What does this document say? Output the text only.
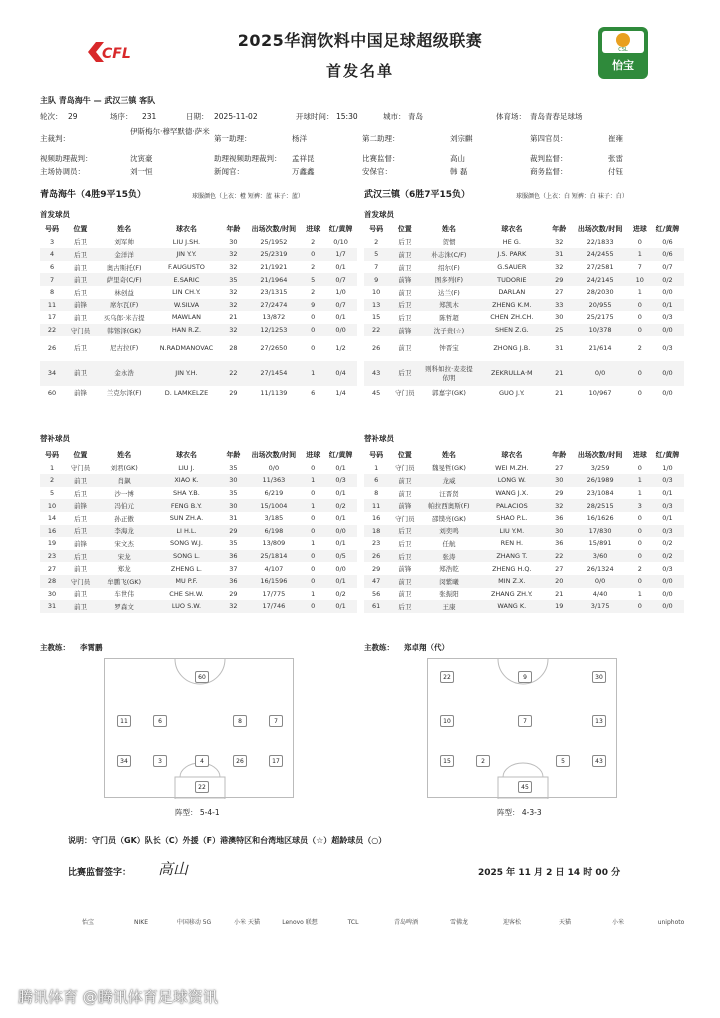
CFL
2025华润饮料中国足球超级联赛
首发名单
CSL
怡宝
主队 青岛海牛 — 武汉三镇 客队
轮次： 29	场序： 231	日期： 2025-11-02	开球时间： 15:30	城市： 青岛	体育场： 青岛青春足球场
主裁判：
伊斯梅尔·穆罕默德·萨米
第一助理：	杨洋	第二助理：	刘宗麒	第四官员：	崔雍
视频助理裁判：	沈寅豪	助理视频助理裁判： 孟祥昆	比赛监督：	高山	裁判监督：	张雷
主场协调员：	刘一恒	新闻官：	万鑫鑫	安保官：	韩 磊	商务监督：	付钰
青岛海牛（4胜9平15负）	球服颜色（上衣：橙 短裤：蓝 袜子：蓝）	武汉三镇（6胜7平15负）	球服颜色（上衣：白 短裤：白 袜子：白）
首发球员	首发球员
号码	位置	姓名	球衣名	年龄	出场次数/时间	进球	红/黄牌
3	后卫	刘军帅	LIU J.SH.	30	25/1952	2	0/10
4	后卫	金洋洋	JIN Y.Y.	32	25/2319	0	1/7
6	前卫	奥古斯托(F)	F.AUGUSTO	32	21/1921	2	0/1
7	前卫	萨里奇(C/F)	E.SARIC	35	21/1964	5	0/7
8	后卫	林创益	LIN CH.Y.	32	23/1315	2	1/0
11	前锋	席尔瓦(F)	W.SILVA	32	27/2474	9	0/7
17	前卫	买乌郎·米吉提	MAWLAN	21	13/872	0	0/1
22	守门员	韩镕泽(GK)	HAN R.Z.	32	12/1253	0	0/0
26	后卫	尼古拉(F)	N.RADMANOVAC	28	27/2650	0	1/2
34	前卫	金永浩	JIN Y.H.	22	27/1454	1	0/4
60	前锋	兰克尔泽(F)	D. LAMKELZE	29	11/1139	6	1/4
号码	位置	姓名	球衣名	年龄	出场次数/时间	进球	红/黄牌
2	后卫	贺惯	HE G.	32	22/1833	0	0/6
5	前卫	朴志洙(C/F)	J.S. PARK	31	24/2455	1	0/6
7	前卫	绍尔(F)	G.SAUER	32	27/2581	7	0/7
9	前锋	图多列(F)	TUDORIE	29	24/2145	10	0/2
10	前卫	达兰(F)	DARLAN	27	28/2030	1	0/0
13	后卫	郑凯木	ZHENG K.M.	33	20/955	0	0/1
15	后卫	陈哲超	CHEN ZH.CH.	30	25/2175	0	0/3
22	前锋	沈子贵(☆)	SHEN Z.G.	25	10/378	0	0/0
26	前卫	钟晋宝	ZHONG J.B.	31	21/614	2	0/3
43	后卫	则科如拉·麦麦提依明	ZEKRULLA·M	21	0/0	0	0/0
45	守门员	郭嘉宇(GK)	GUO J.Y.	21	10/967	0	0/0
替补球员	替补球员
号码	位置	姓名	球衣名	年龄	出场次数/时间	进球	红/黄牌
1	守门员	刘君(GK)	LIU J.	35	0/0	0	0/1
2	前卫	肖飙	XIAO K.	30	11/363	1	0/3
5	后卫	沙一博	SHA Y.B.	35	6/219	0	0/1
10	前锋	冯伯元	FENG B.Y.	30	15/1004	1	0/2
14	后卫	孙正傲	SUN ZH.A.	31	3/185	0	0/1
16	后卫	李海龙	LI H.L.	29	6/198	0	0/0
19	前锋	宋文杰	SONG W.J.	35	13/809	1	0/1
23	后卫	宋龙	SONG L.	36	25/1814	0	0/5
27	前卫	郑龙	ZHENG L.	37	4/107	0	0/0
28	守门员	牟鹏飞(GK)	MU P.F.	36	16/1596	0	0/1
30	前卫	车世伟	CHE SH.W.	29	17/775	1	0/2
31	前卫	罗森文	LUO S.W.	32	17/746	0	0/1
号码	位置	姓名	球衣名	年龄	出场次数/时间	进球	红/黄牌
1	守门员	魏旻哲(GK)	WEI M.ZH.	27	3/259	0	1/0
6	前卫	龙威	LONG W.	30	26/1989	1	0/3
8	前卫	汪晋贤	WANG J.X.	29	23/1084	1	0/1
11	前锋	帕拉西奥斯(F)	PALACIOS	32	28/2515	3	0/3
16	守门员	邵镤亮(GK)	SHAO P.L.	36	16/1626	0	0/1
18	后卫	刘奕鸣	LIU Y.M.	30	17/830	0	0/3
23	后卫	任航	REN H.	36	15/891	0	0/2
26	后卫	张涛	ZHANG T.	22	3/60	0	0/2
29	前锋	郑浩乾	ZHENG H.Q.	27	26/1324	2	0/3
47	前卫	闵紫曦	MIN Z.X.	20	0/0	0	0/0
56	前卫	张振阳	ZHANG ZH.Y.	21	4/40	1	0/0
61	后卫	王康	WANG K.	19	3/175	0	0/0
主教练： 李霄鹏	主教练： 郑卓翔（代）
60
11	6	8	7
34	3	4	26	17
22
阵型： 5-4-1
22	9	30
10	7	13
15	2	5	43
45
阵型： 4-3-3
说明：守门员（GK）队长（C）外援（F）港澳特区和台湾地区球员（☆）超龄球员（○）
比赛监督签字： 高山	2025 年 11 月 2 日 14 时 00 分
怡宝	NIKE	中国移动 5G	小米 天猫	Lenovo 联想	TCL	青岛啤酒	雪佛龙	迎客松	天猫	小米	uniphoto
腾讯体育 @腾讯体育足球资讯
